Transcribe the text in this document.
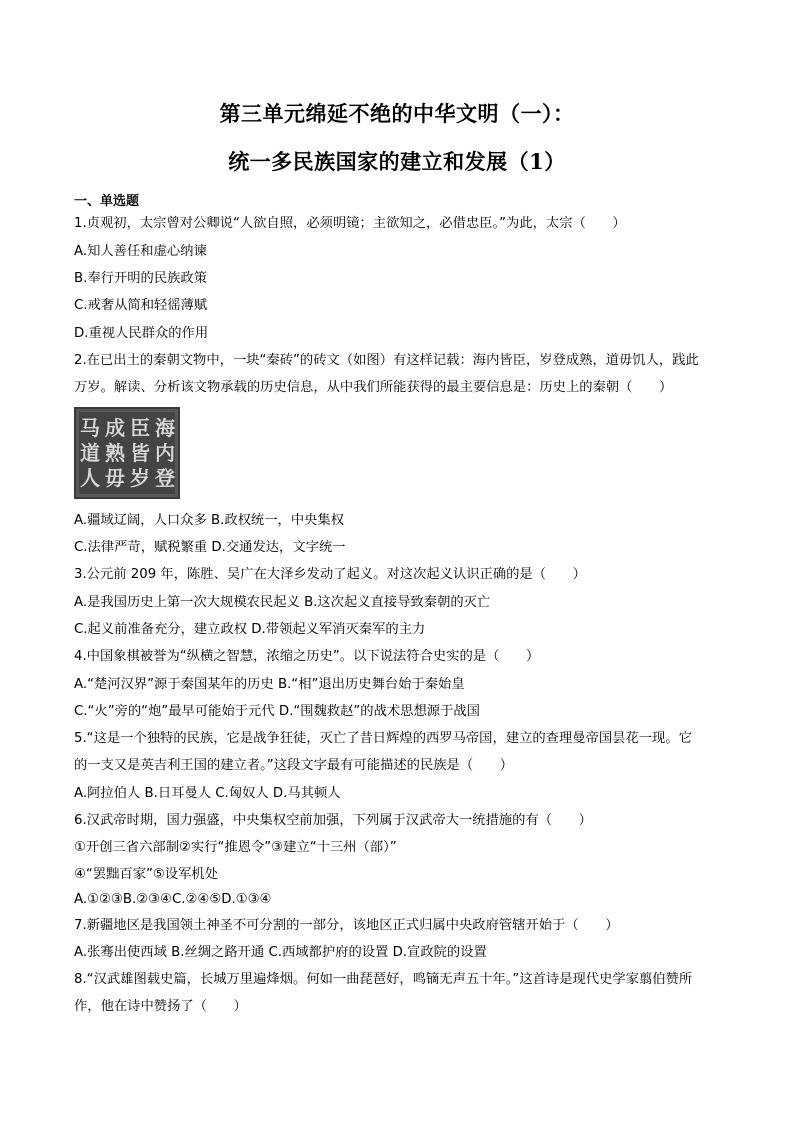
第三单元绵延不绝的中华文明（一）：
统一多民族国家的建立和发展（1）
一、单选题
1.贞观初，太宗曾对公卿说“人欲自照，必须明镜；主欲知之，必借忠臣。”为此，太宗（　　）
A.知人善任和虚心纳谏
B.奉行开明的民族政策
C.戒奢从简和轻徭薄赋
D.重视人民群众的作用
2.在已出土的秦朝文物中，一块“秦砖”的砖文（如图）有这样记载：海内皆臣，岁登成熟，道毋饥人，践此
万岁。解读、分析该文物承载的历史信息，从中我们所能获得的最主要信息是：历史上的秦朝（　　）
马 成 臣 海
道 熟 皆 内
人 毋 岁 登
A.疆域辽阔，人口众多 B.政权统一，中央集权
C.法律严苛，赋税繁重 D.交通发达，文字统一
3.公元前 209 年，陈胜、吴广在大泽乡发动了起义。对这次起义认识正确的是（　　）
A.是我国历史上第一次大规模农民起义 B.这次起义直接导致秦朝的灭亡
C.起义前准备充分，建立政权 D.带领起义军消灭秦军的主力
4.中国象棋被誉为“纵横之智慧，浓缩之历史”。以下说法符合史实的是（　　）
A.“楚河汉界”源于秦国某年的历史 B.“相”退出历史舞台始于秦始皇
C.“火”旁的“炮”最早可能始于元代 D.“围魏救赵”的战术思想源于战国
5.“这是一个独特的民族，它是战争狂徒，灭亡了昔日辉煌的西罗马帝国，建立的查理曼帝国昙花一现。它
的一支又是英吉利王国的建立者。”这段文字最有可能描述的民族是（　　）
A.阿拉伯人 B.日耳曼人 C.匈奴人 D.马其顿人
6.汉武帝时期，国力强盛，中央集权空前加强，下列属于汉武帝大一统措施的有（　　）
①开创三省六部制②实行“推恩令”③建立“十三州（部）”
④“罢黜百家”⑤设军机处
A.①②③B.②③④C.②④⑤D.①③④
7.新疆地区是我国领土神圣不可分割的一部分，该地区正式归属中央政府管辖开始于（　　）
A.张骞出使西域 B.丝绸之路开通 C.西域都护府的设置 D.宣政院的设置
8.“汉武雄图载史篇，长城万里遍烽烟。何如一曲琵琶好，鸣镝无声五十年。”这首诗是现代史学家翦伯赞所
作，他在诗中赞扬了（　　）
